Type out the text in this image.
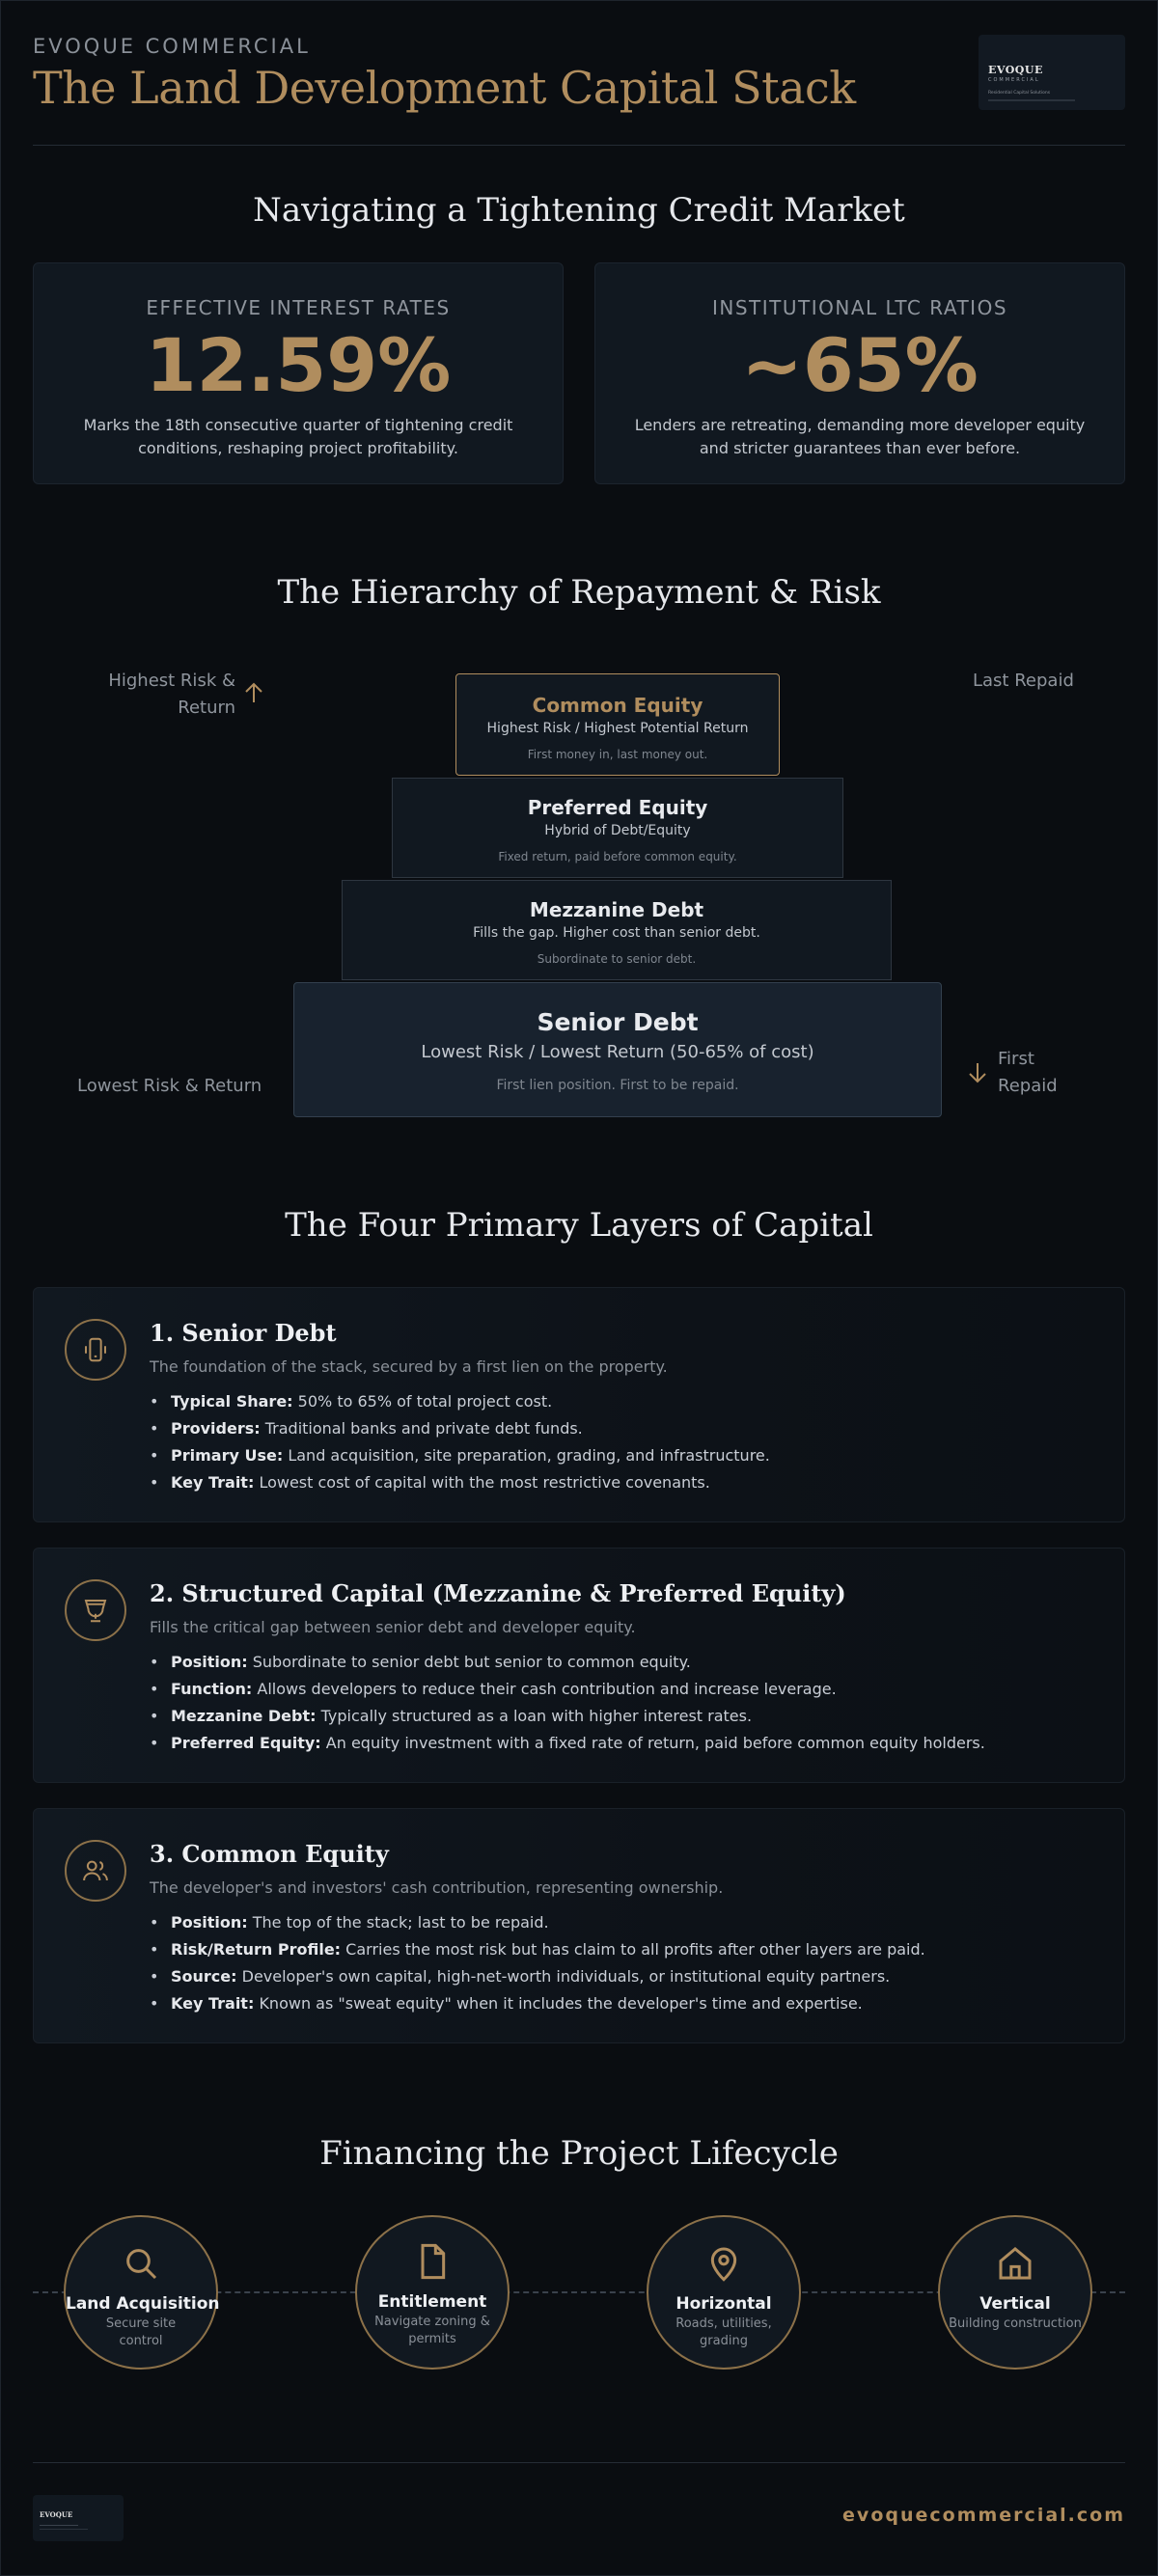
EVOQUE COMMERCIAL
The Land Development Capital Stack	EVOQUE
COMMERCIAL
Residential Capital Solutions
Navigating a Tightening Credit Market
EFFECTIVE INTEREST RATES
12.59%
Marks the 18th consecutive quarter of tightening credit conditions, reshaping project profitability.
INSTITUTIONAL LTC RATIOS
~65%
Lenders are retreating, demanding more developer equity and stricter guarantees than ever before.
The Hierarchy of Repayment & Risk
Highest Risk & Return
Last Repaid
Common Equity
Highest Risk / Highest Potential Return
First money in, last money out.
Preferred Equity
Hybrid of Debt/Equity
Fixed return, paid before common equity.
Mezzanine Debt
Fills the gap. Higher cost than senior debt.
Subordinate to senior debt.
Senior Debt
Lowest Risk / Lowest Return (50-65% of cost)
First lien position. First to be repaid.
Lowest Risk & Return
First Repaid
The Four Primary Layers of Capital
1. Senior Debt
The foundation of the stack, secured by a first lien on the property.
• Typical Share: 50% to 65% of total project cost.
• Providers: Traditional banks and private debt funds.
• Primary Use: Land acquisition, site preparation, grading, and infrastructure.
• Key Trait: Lowest cost of capital with the most restrictive covenants.
2. Structured Capital (Mezzanine & Preferred Equity)
Fills the critical gap between senior debt and developer equity.
• Position: Subordinate to senior debt but senior to common equity.
• Function: Allows developers to reduce their cash contribution and increase leverage.
• Mezzanine Debt: Typically structured as a loan with higher interest rates.
• Preferred Equity: An equity investment with a fixed rate of return, paid before common equity holders.
3. Common Equity
The developer's and investors' cash contribution, representing ownership.
• Position: The top of the stack; last to be repaid.
• Risk/Return Profile: Carries the most risk but has claim to all profits after other layers are paid.
• Source: Developer's own capital, high-net-worth individuals, or institutional equity partners.
• Key Trait: Known as "sweat equity" when it includes the developer's time and expertise.
Financing the Project Lifecycle
Land Acquisition
Secure site control
Entitlement
Navigate zoning & permits
Horizontal
Roads, utilities, grading
Vertical
Building construction
EVOQUE	evoquecommercial.com
